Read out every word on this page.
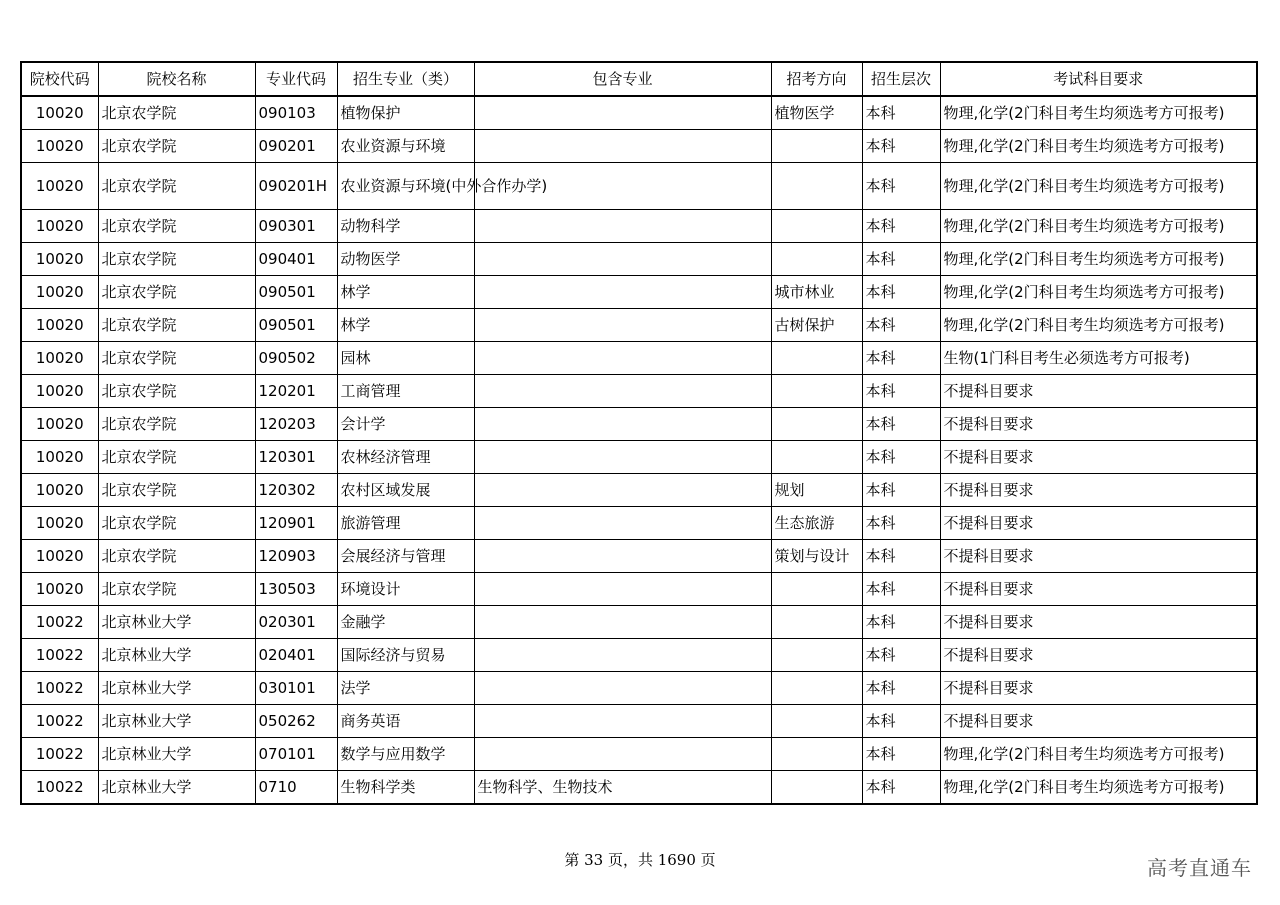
院校代码	院校名称	专业代码	招生专业（类）	包含专业	招考方向	招生层次	考试科目要求
10020	北京农学院	090103	植物保护		植物医学	本科	物理,化学(2门科目考生均须选考方可报考)
10020	北京农学院	090201	农业资源与环境			本科	物理,化学(2门科目考生均须选考方可报考)
10020	北京农学院	090201H	农业资源与环境(中外合作办学)			本科	物理,化学(2门科目考生均须选考方可报考)
10020	北京农学院	090301	动物科学			本科	物理,化学(2门科目考生均须选考方可报考)
10020	北京农学院	090401	动物医学			本科	物理,化学(2门科目考生均须选考方可报考)
10020	北京农学院	090501	林学		城市林业	本科	物理,化学(2门科目考生均须选考方可报考)
10020	北京农学院	090501	林学		古树保护	本科	物理,化学(2门科目考生均须选考方可报考)
10020	北京农学院	090502	园林			本科	生物(1门科目考生必须选考方可报考)
10020	北京农学院	120201	工商管理			本科	不提科目要求
10020	北京农学院	120203	会计学			本科	不提科目要求
10020	北京农学院	120301	农林经济管理			本科	不提科目要求
10020	北京农学院	120302	农村区域发展		规划	本科	不提科目要求
10020	北京农学院	120901	旅游管理		生态旅游	本科	不提科目要求
10020	北京农学院	120903	会展经济与管理		策划与设计	本科	不提科目要求
10020	北京农学院	130503	环境设计			本科	不提科目要求
10022	北京林业大学	020301	金融学			本科	不提科目要求
10022	北京林业大学	020401	国际经济与贸易			本科	不提科目要求
10022	北京林业大学	030101	法学			本科	不提科目要求
10022	北京林业大学	050262	商务英语			本科	不提科目要求
10022	北京林业大学	070101	数学与应用数学			本科	物理,化学(2门科目考生均须选考方可报考)
10022	北京林业大学	0710	生物科学类	生物科学、生物技术		本科	物理,化学(2门科目考生均须选考方可报考)
第 33 页，共 1690 页	高考直通车
